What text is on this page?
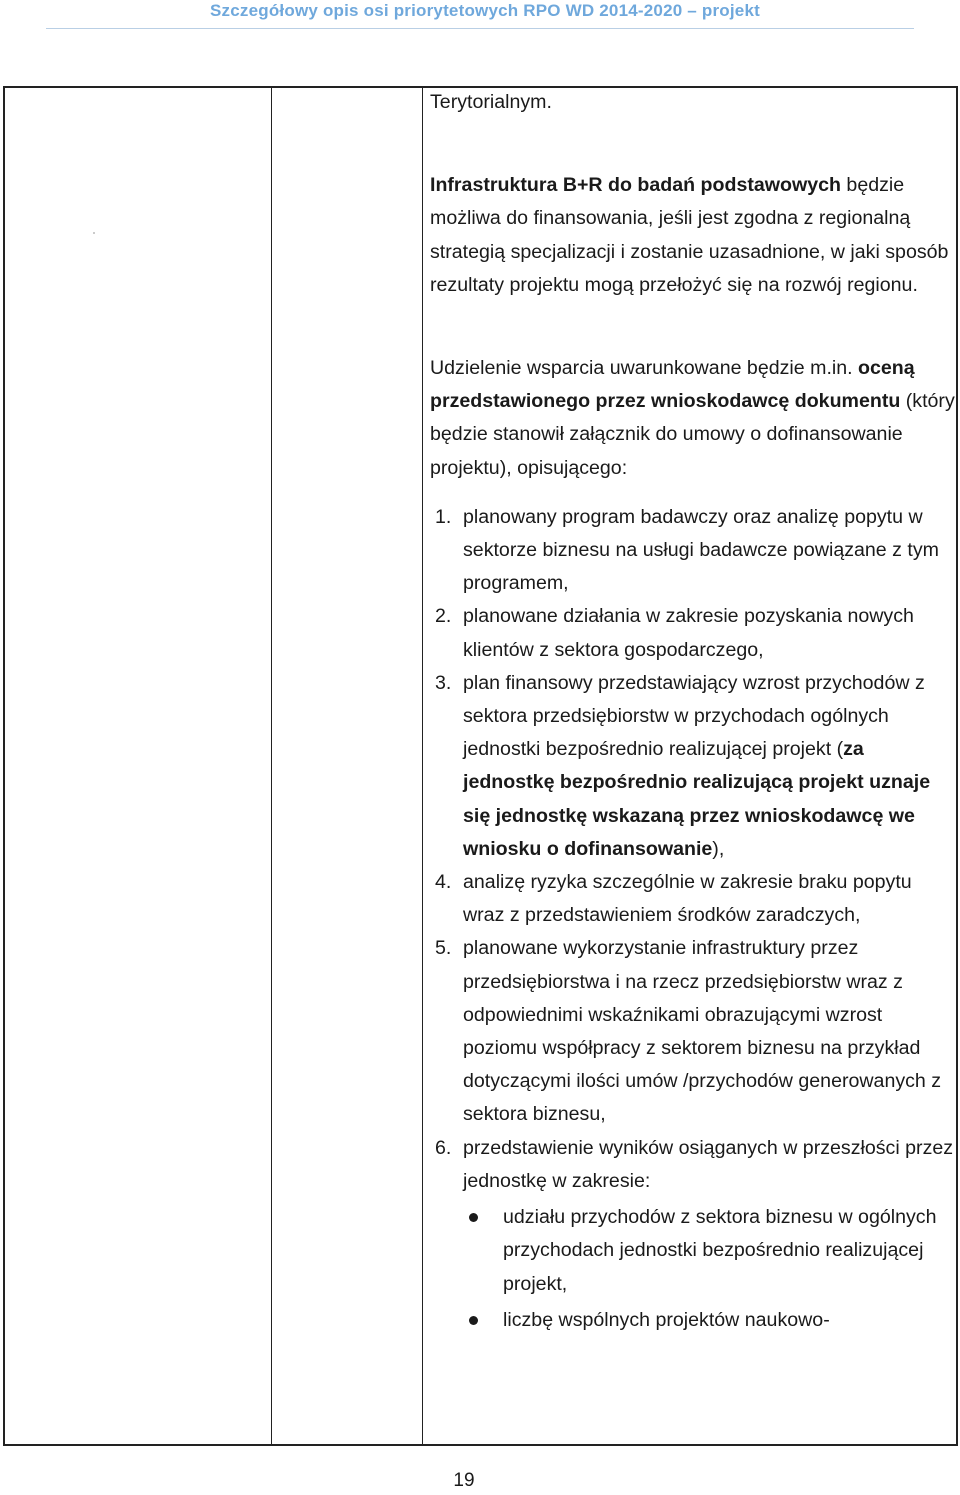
Szczegółowy opis osi priorytetowych RPO WD 2014-2020 – projekt

Terytorialnym.

Infrastruktura B+R do badań podstawowych będzie możliwa do finansowania, jeśli jest zgodna z regionalną strategią specjalizacji i zostanie uzasadnione, w jaki sposób rezultaty projektu mogą przełożyć się na rozwój regionu.

Udzielenie wsparcia uwarunkowane będzie m.in. oceną przedstawionego przez wnioskodawcę dokumentu (który będzie stanowił załącznik do umowy o dofinansowanie projektu), opisującego:

1. planowany program badawczy oraz analizę popytu w sektorze biznesu na usługi badawcze powiązane z tym programem,
2. planowane działania w zakresie pozyskania nowych klientów z sektora gospodarczego,
3. plan finansowy przedstawiający wzrost przychodów z sektora przedsiębiorstw w przychodach ogólnych jednostki bezpośrednio realizującej projekt (za jednostkę bezpośrednio realizującą projekt uznaje się jednostkę wskazaną przez wnioskodawcę we wniosku o dofinansowanie),
4. analizę ryzyka szczególnie w zakresie braku popytu wraz z przedstawieniem środków zaradczych,
5. planowane wykorzystanie infrastruktury przez przedsiębiorstwa i na rzecz przedsiębiorstw wraz z odpowiednimi wskaźnikami obrazującymi wzrost poziomu współpracy z sektorem biznesu na przykład dotyczącymi ilości umów /przychodów generowanych z sektora biznesu,
6. przedstawienie wyników osiąganych w przeszłości przez jednostkę w zakresie:
udziału przychodów z sektora biznesu w ogólnych przychodach jednostki bezpośrednio realizującej projekt,
liczbę wspólnych projektów naukowo-
19
